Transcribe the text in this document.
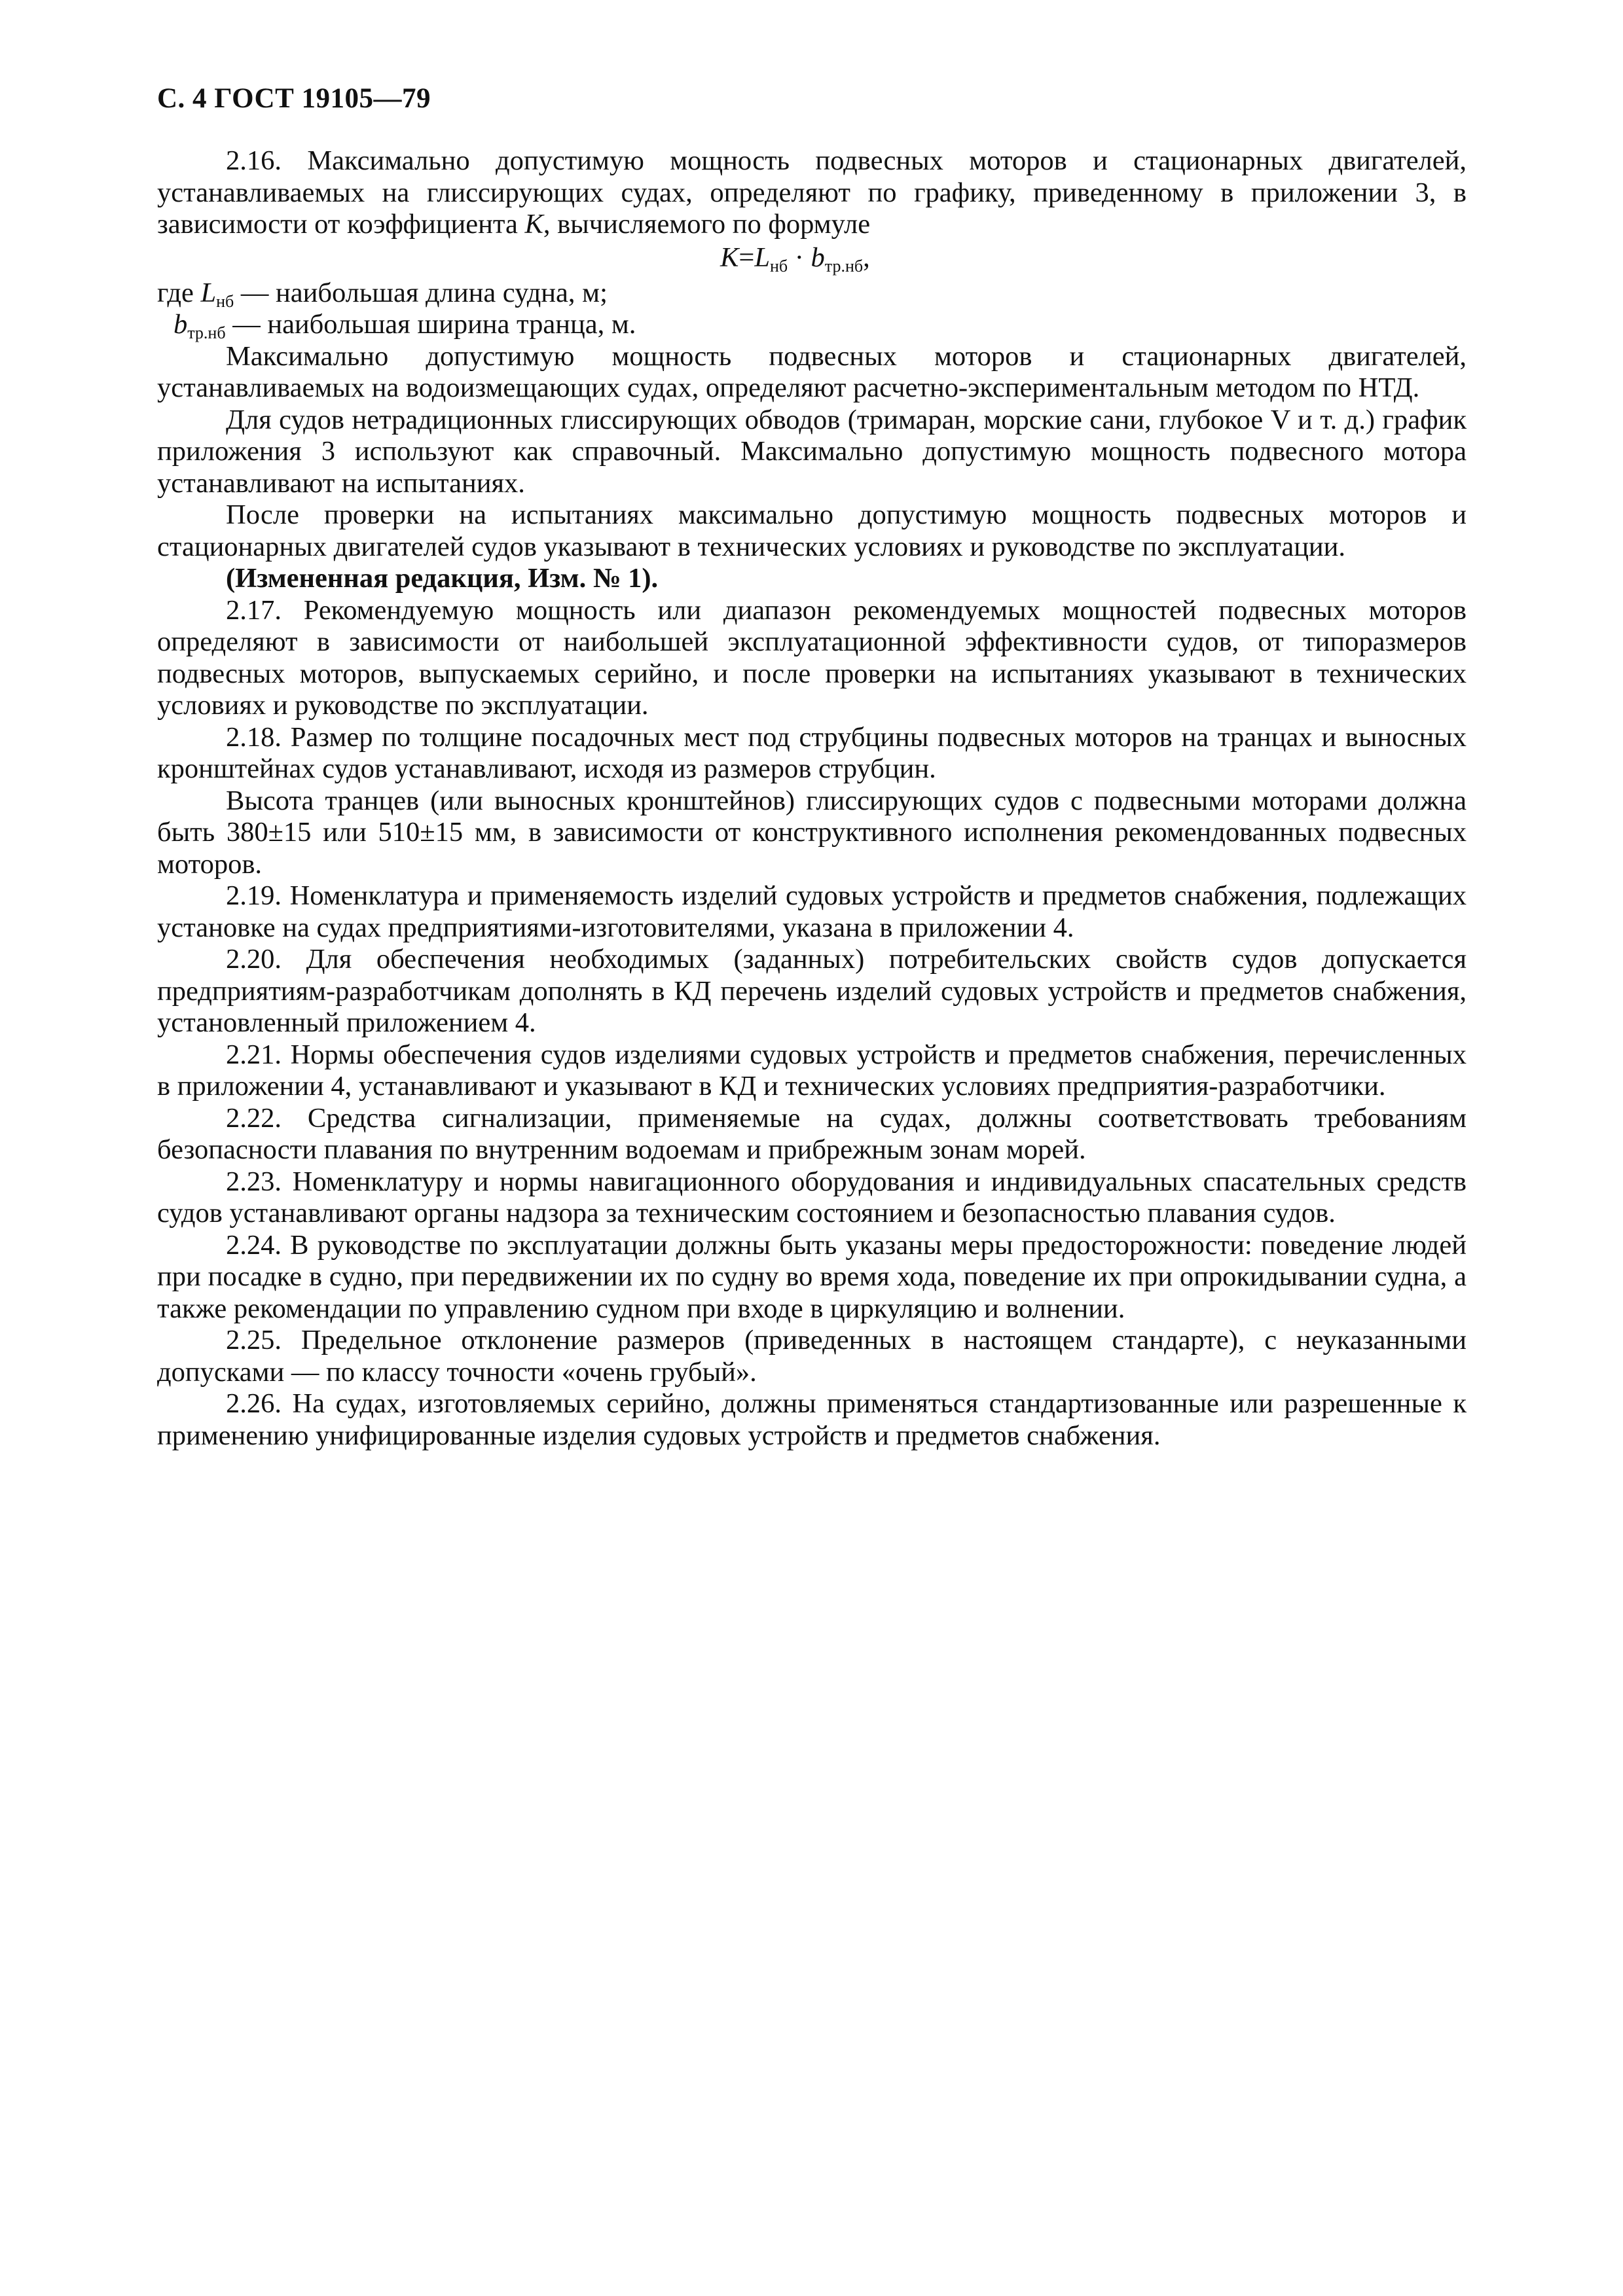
С. 4 ГОСТ 19105—79

2.16. Максимально допустимую мощность подвесных моторов и стационарных двигателей, устанавливаемых на глиссирующих судах, определяют по графику, приведенному в приложении 3, в зависимости от коэффициента K, вычисляемого по формуле

$K=L_{нб} \cdot b_{тр.нб}$,

где $L_{нб}$ — наибольшая длина судна, м;

$b_{тр.нб}$ — наибольшая ширина транца, м.

Максимально допустимую мощность подвесных моторов и стационарных двигателей, устанавливаемых на водоизмещающих судах, определяют расчетно-экспериментальным методом по НТД.

Для судов нетрадиционных глиссирующих обводов (тримаран, морские сани, глубокое V и т. д.) график приложения 3 используют как справочный. Максимально допустимую мощность подвесного мотора устанавливают на испытаниях.

После проверки на испытаниях максимально допустимую мощность подвесных моторов и стационарных двигателей судов указывают в технических условиях и руководстве по эксплуатации.

(Измененная редакция, Изм. № 1).

2.17. Рекомендуемую мощность или диапазон рекомендуемых мощностей подвесных моторов определяют в зависимости от наибольшей эксплуатационной эффективности судов, от типоразмеров подвесных моторов, выпускаемых серийно, и после проверки на испытаниях указывают в технических условиях и руководстве по эксплуатации.

2.18. Размер по толщине посадочных мест под струбцины подвесных моторов на транцах и выносных кронштейнах судов устанавливают, исходя из размеров струбцин.

Высота транцев (или выносных кронштейнов) глиссирующих судов с подвесными моторами должна быть 380±15 или 510±15 мм, в зависимости от конструктивного исполнения рекомендованных подвесных моторов.

2.19. Номенклатура и применяемость изделий судовых устройств и предметов снабжения, подлежащих установке на судах предприятиями-изготовителями, указана в приложении 4.

2.20. Для обеспечения необходимых (заданных) потребительских свойств судов допускается предприятиям-разработчикам дополнять в КД перечень изделий судовых устройств и предметов снабжения, установленный приложением 4.

2.21. Нормы обеспечения судов изделиями судовых устройств и предметов снабжения, перечисленных в приложении 4, устанавливают и указывают в КД и технических условиях предприятия-разработчики.

2.22. Средства сигнализации, применяемые на судах, должны соответствовать требованиям безопасности плавания по внутренним водоемам и прибрежным зонам морей.

2.23. Номенклатуру и нормы навигационного оборудования и индивидуальных спасательных средств судов устанавливают органы надзора за техническим состоянием и безопасностью плавания судов.

2.24. В руководстве по эксплуатации должны быть указаны меры предосторожности: поведение людей при посадке в судно, при передвижении их по судну во время хода, поведение их при опрокидывании судна, а также рекомендации по управлению судном при входе в циркуляцию и волнении.

2.25. Предельное отклонение размеров (приведенных в настоящем стандарте), с неуказанными допусками — по классу точности «очень грубый».

2.26. На судах, изготовляемых серийно, должны применяться стандартизованные или разрешенные к применению унифицированные изделия судовых устройств и предметов снабжения.
